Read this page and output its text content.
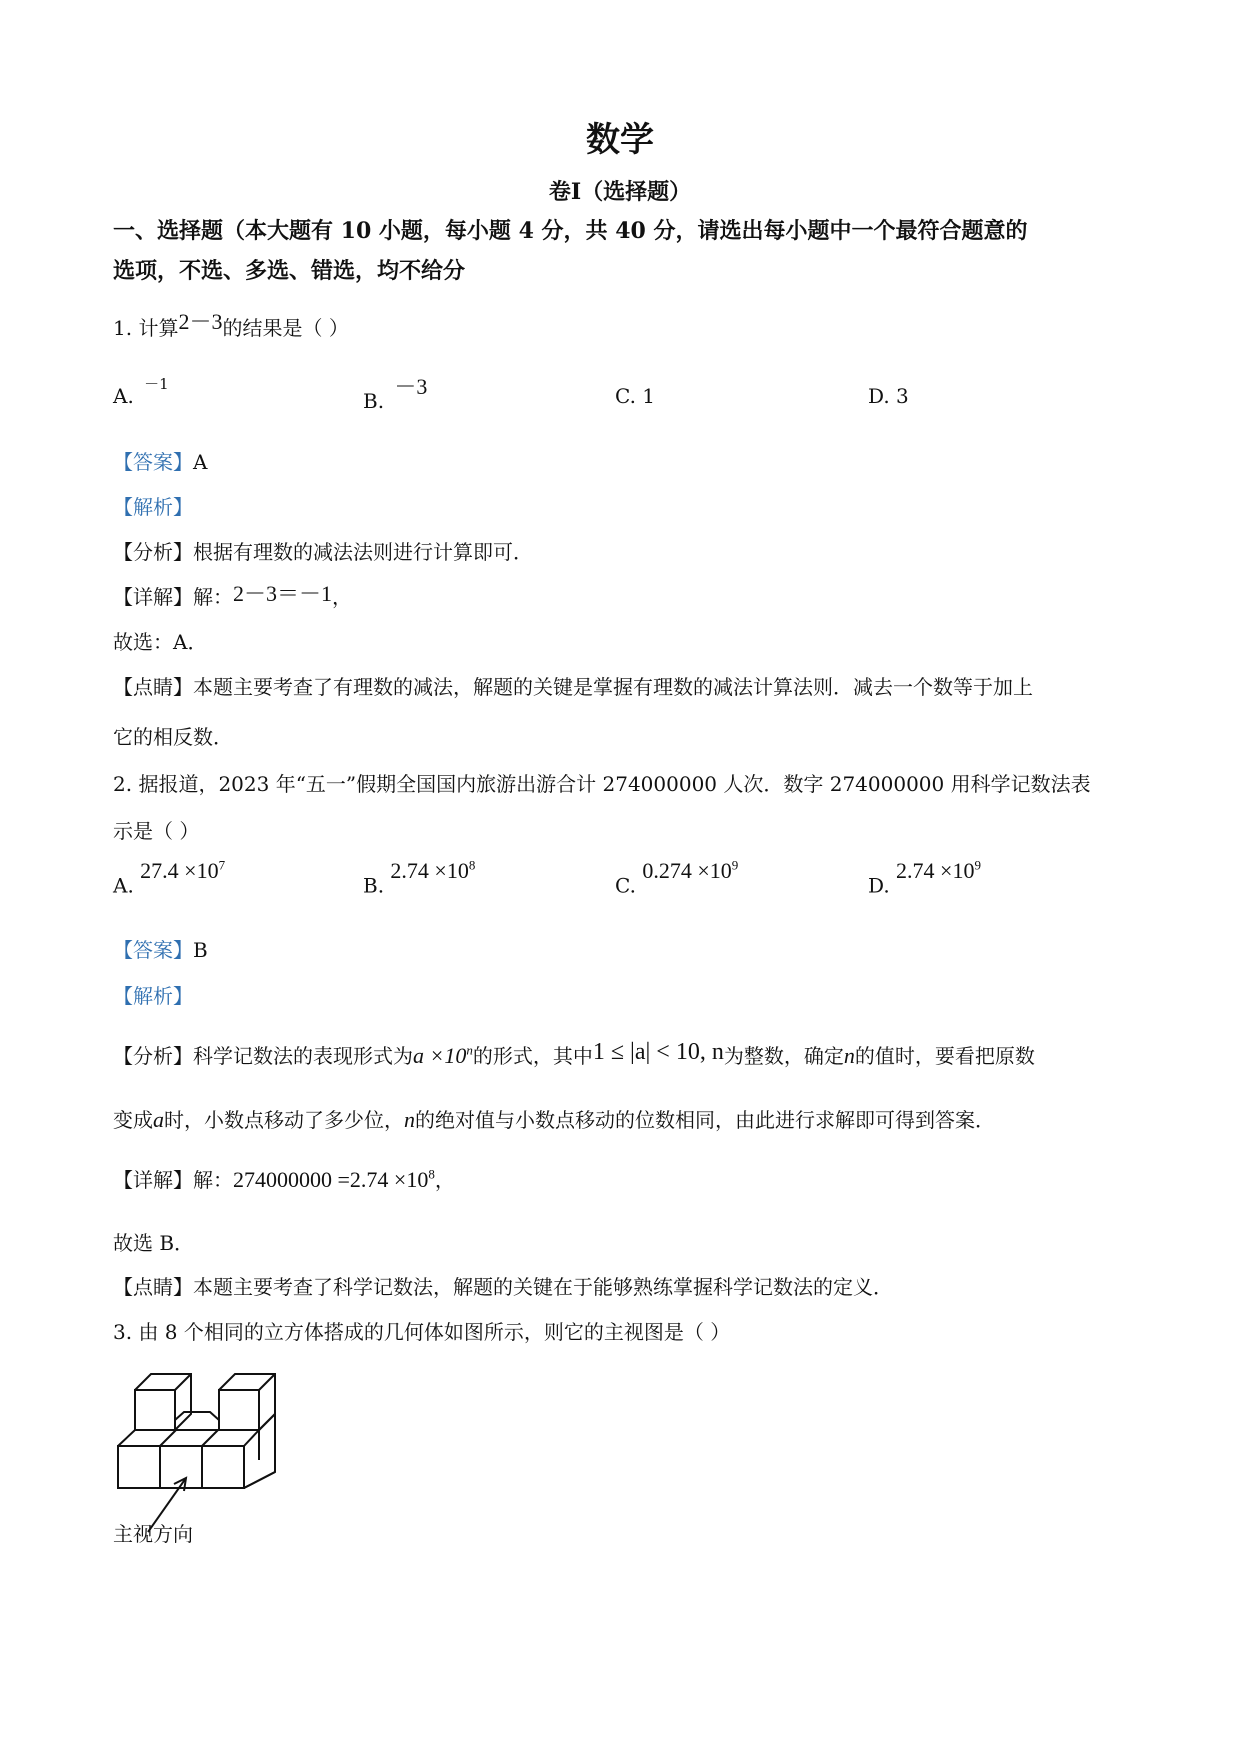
数学
卷Ⅰ（选择题）
一、选择题（本大题有 10 小题，每小题 4 分，共 40 分，请选出每小题中一个最符合题意的
选项，不选、多选、错选，均不给分
1. 计算2－3的结果是（ ）
A. $^{-1}$
B. －3	C. 1	D. 3
【答案】A
【解析】
【分析】根据有理数的减法法则进行计算即可．
【详解】解：2－3＝－1，
故选：A．
【点睛】本题主要考查了有理数的减法，解题的关键是掌握有理数的减法计算法则．减去一个数等于加上
它的相反数．
2. 据报道，2023 年“五一”假期全国国内旅游出游合计 274000000 人次．数字 274000000 用科学记数法表
示是（ ）
A. $27.4 \times 10^7$
B. $2.74 \times 10^8$
C. $0.274 \times 10^9$
D. $2.74 \times 10^9$
【答案】B
【解析】
【分析】科学记数法的表现形式为$a \times 10^n$的形式，其中1 ≤ |a| < 10, n为整数，确定n的值时，要看把原数
变成a时，小数点移动了多少位，n的绝对值与小数点移动的位数相同，由此进行求解即可得到答案．
【详解】解：$274000000 =2.74 \times 10^8$，
故选 B．
【点睛】本题主要考查了科学记数法，解题的关键在于能够熟练掌握科学记数法的定义．
3. 由 8 个相同的立方体搭成的几何体如图所示，则它的主视图是（ ）
主视方向
